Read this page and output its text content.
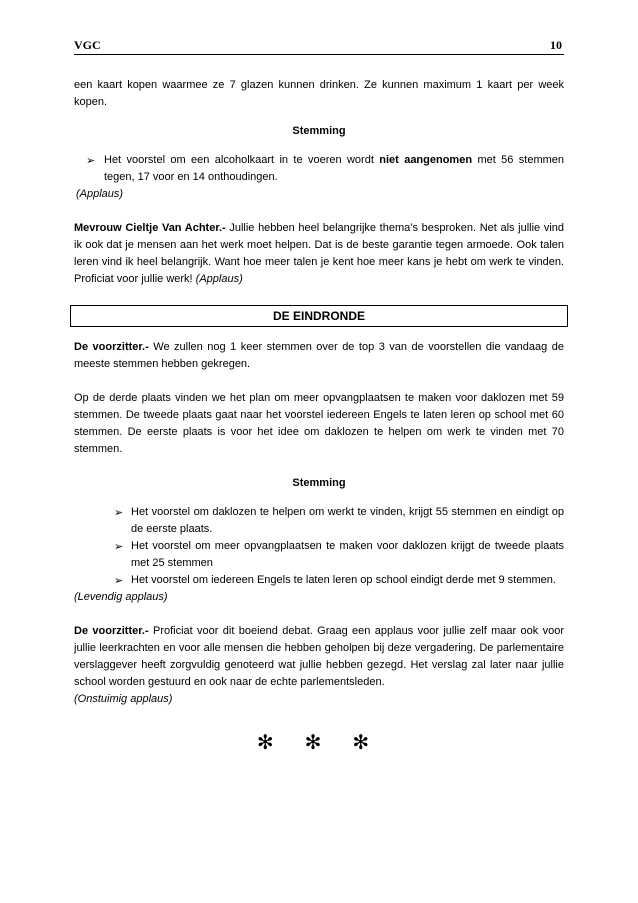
VGC	10

een kaart kopen waarmee ze 7 glazen kunnen drinken. Ze kunnen maximum 1 kaart per week kopen.

Stemming

➢ Het voorstel om een alcoholkaart in te voeren wordt niet aangenomen met 56 stemmen tegen, 17 voor en 14 onthoudingen.

(Applaus)

Mevrouw Cieltje Van Achter.- Jullie hebben heel belangrijke thema’s besproken. Net als jullie vind ik ook dat je mensen aan het werk moet helpen. Dat is de beste garantie tegen armoede. Ook talen leren vind ik heel belangrijk. Want hoe meer talen je kent hoe meer kans je hebt om werk te vinden. Proficiat voor jullie werk! (Applaus)

DE EINDRONDE

De voorzitter.- We zullen nog 1 keer stemmen over de top 3 van de voorstellen die vandaag de meeste stemmen hebben gekregen.

Op de derde plaats vinden we het plan om meer opvangplaatsen te maken voor daklozen met 59 stemmen. De tweede plaats gaat naar het voorstel iedereen Engels te laten leren op school met 60 stemmen. De eerste plaats is voor het idee om daklozen te helpen om werk te vinden met 70 stemmen.

Stemming

➢ Het voorstel om daklozen te helpen om werkt te vinden, krijgt 55 stemmen en eindigt op de eerste plaats.
➢ Het voorstel om meer opvangplaatsen te maken voor daklozen krijgt de tweede plaats met 25 stemmen
➢ Het voorstel om iedereen Engels te laten leren op school eindigt derde met 9 stemmen.

(Levendig applaus)

De voorzitter.- Proficiat voor dit boeiend debat. Graag een applaus voor jullie zelf maar ook voor jullie leerkrachten en voor alle mensen die hebben geholpen bij deze vergadering. De parlementaire verslaggever heeft zorgvuldig genoteerd wat jullie hebben gezegd. Het verslag zal later naar jullie school worden gestuurd en ook naar de echte parlementsleden.

(Onstuimig applaus)

✻ ✻ ✻
